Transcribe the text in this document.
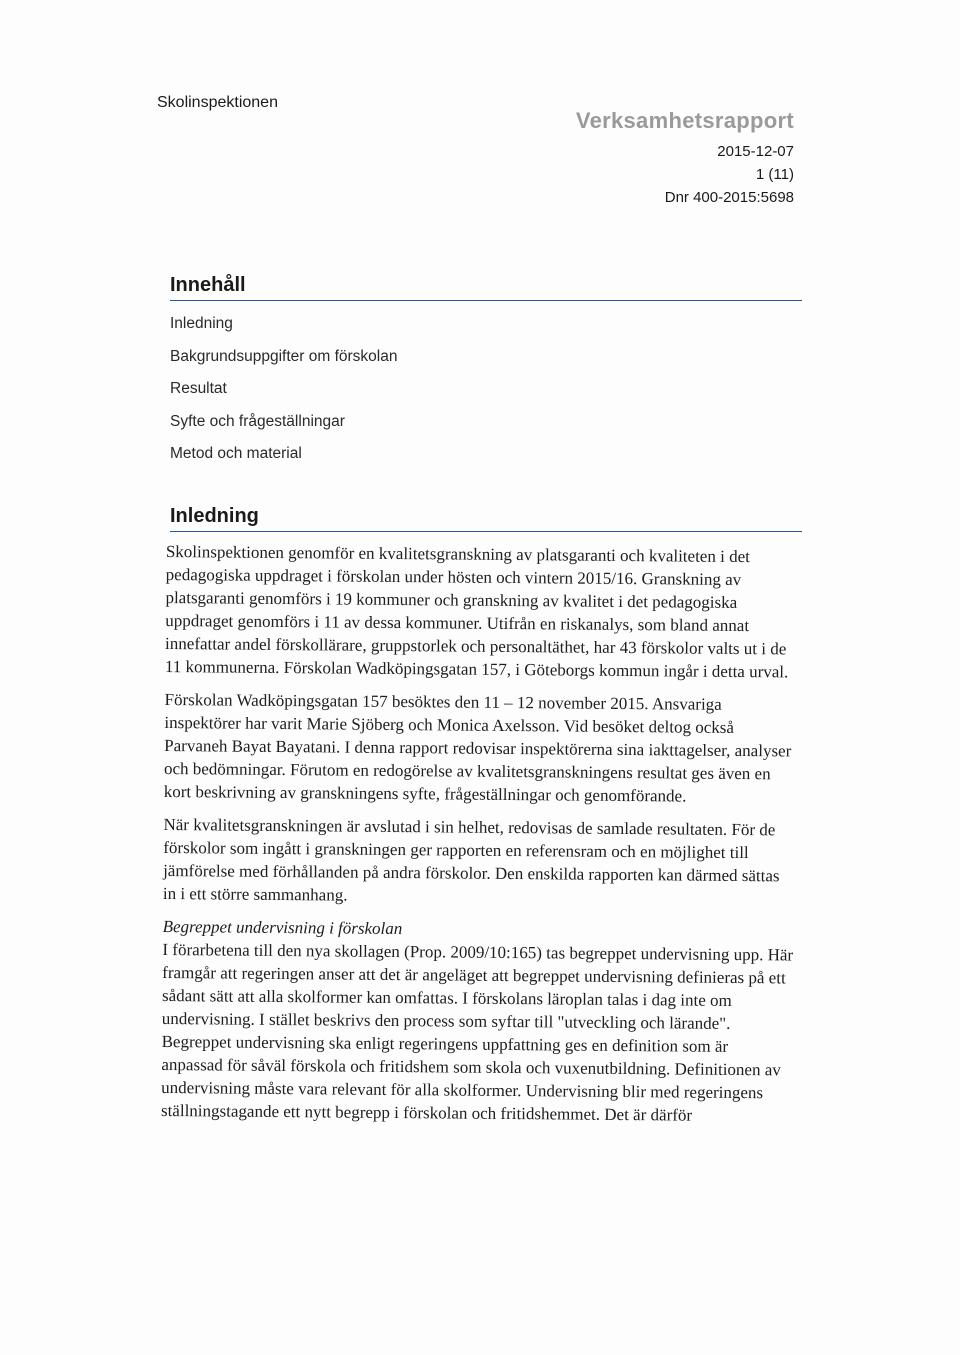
Skolinspektionen
Verksamhetsrapport
2015-12-07
1 (11)
Dnr 400-2015:5698
Innehåll
Inledning
Bakgrundsuppgifter om förskolan
Resultat
Syfte och frågeställningar
Metod och material
Inledning

Skolinspektionen genomför en kvalitetsgranskning av platsgaranti och kvaliteten i det pedagogiska uppdraget i förskolan under hösten och vintern 2015/16. Granskning av platsgaranti genomförs i 19 kommuner och granskning av kvalitet i det pedagogiska uppdraget genomförs i 11 av dessa kommuner. Utifrån en riskanalys, som bland annat innefattar andel förskollärare, gruppstorlek och personaltäthet, har 43 förskolor valts ut i de 11 kommunerna. Förskolan Wadköpingsgatan 157, i Göteborgs kommun ingår i detta urval.

Förskolan Wadköpingsgatan 157 besöktes den 11 – 12 november 2015. Ansvariga inspektörer har varit Marie Sjöberg och Monica Axelsson. Vid besöket deltog också Parvaneh Bayat Bayatani. I denna rapport redovisar inspektörerna sina iakttagelser, analyser och bedömningar. Förutom en redogörelse av kvalitetsgranskningens resultat ges även en kort beskrivning av granskningens syfte, frågeställningar och genomförande.

När kvalitetsgranskningen är avslutad i sin helhet, redovisas de samlade resultaten. För de förskolor som ingått i granskningen ger rapporten en referensram och en möjlighet till jämförelse med förhållanden på andra förskolor. Den enskilda rapporten kan därmed sättas in i ett större sammanhang.

Begreppet undervisning i förskolan

I förarbetena till den nya skollagen (Prop. 2009/10:165) tas begreppet undervisning upp. Här framgår att regeringen anser att det är angeläget att begreppet undervisning definieras på ett sådant sätt att alla skolformer kan omfattas. I förskolans läroplan talas i dag inte om undervisning. I stället beskrivs den process som syftar till "utveckling och lärande". Begreppet undervisning ska enligt regeringens uppfattning ges en definition som är anpassad för såväl förskola och fritidshem som skola och vuxenutbildning. Definitionen av undervisning måste vara relevant för alla skolformer. Undervisning blir med regeringens ställningstagande ett nytt begrepp i förskolan och fritidshemmet. Det är därför
